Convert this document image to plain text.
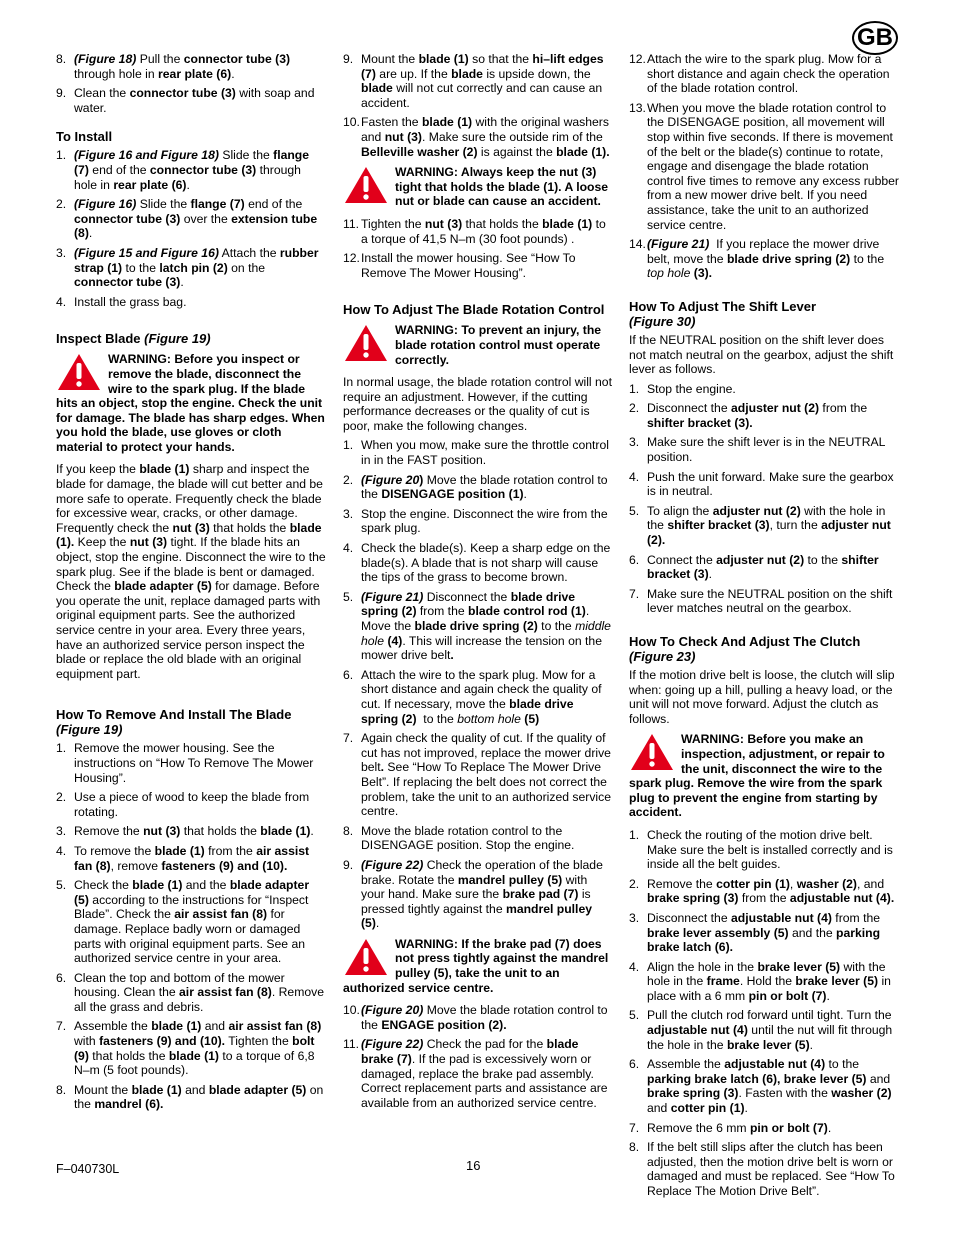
GB
8. (Figure 18) Pull the connector tube (3) through hole in rear plate (6).
9. Clean the connector tube (3) with soap and water.
To Install
1. (Figure 16 and Figure 18) Slide the flange (7) end of the connector tube (3) through hole in rear plate (6).
2. (Figure 16) Slide the flange (7) end of the connector tube (3) over the extension tube (8).
3. (Figure 15 and Figure 16) Attach the rubber strap (1) to the latch pin (2) on the connector tube (3).
4. Install the grass bag.
Inspect Blade (Figure 19)
WARNING: Before you inspect or remove the blade, disconnect the wire to the spark plug. If the blade hits an object, stop the engine. Check the unit for damage. The blade has sharp edges. When you hold the blade, use gloves or cloth material to protect your hands.

If you keep the blade (1) sharp and inspect the blade for damage, the blade will cut better and be more safe to operate. Frequently check the blade for excessive wear, cracks, or other damage. Frequently check the nut (3) that holds the blade (1). Keep the nut (3) tight. If the blade hits an object, stop the engine. Disconnect the wire to the spark plug. See if the blade is bent or damaged. Check the blade adapter (5) for damage. Before you operate the unit, replace damaged parts with original equipment parts. See the authorized service centre in your area. Every three years, have an authorized service person inspect the blade or replace the old blade with an original equipment part.

How To Remove And Install The Blade
(Figure 19)
1. Remove the mower housing. See the instructions on “How To Remove The Mower Housing”.
2. Use a piece of wood to keep the blade from rotating.
3. Remove the nut (3) that holds the blade (1).
4. To remove the blade (1) from the air assist fan (8), remove fasteners (9) and (10).
5. Check the blade (1) and the blade adapter (5) according to the instructions for “Inspect Blade”. Check the air assist fan (8) for damage. Replace badly worn or damaged parts with original equipment parts. See an authorized service centre in your area.
6. Clean the top and bottom of the mower housing. Clean the air assist fan (8). Remove all the grass and debris.
7. Assemble the blade (1) and air assist fan (8) with fasteners (9) and (10). Tighten the bolt (9) that holds the blade (1) to a torque of 6,8 N–m (5 foot pounds).
8. Mount the blade (1) and blade adapter (5) on the mandrel (6).
9. Mount the blade (1) so that the hi–lift edges (7) are up. If the blade is upside down, the blade will not cut correctly and can cause an accident.
10. Fasten the blade (1) with the original washers and nut (3). Make sure the outside rim of the Belleville washer (2) is against the blade (1).
WARNING: Always keep the nut (3) tight that holds the blade (1). A loose nut or blade can cause an accident.
11. Tighten the nut (3) that holds the blade (1) to a torque of 41,5 N–m (30 foot pounds) .
12. Install the mower housing. See “How To Remove The Mower Housing”.
How To Adjust The Blade Rotation Control
WARNING: To prevent an injury, the blade rotation control must operate correctly.

In normal usage, the blade rotation control will not require an adjustment. However, if the cutting performance decreases or the quality of cut is poor, make the following changes.

1. When you mow, make sure the throttle control in in the FAST position.
2. (Figure 20) Move the blade rotation control to the DISENGAGE position (1).
3. Stop the engine. Disconnect the wire from the spark plug.
4. Check the blade(s). Keep a sharp edge on the blade(s). A blade that is not sharp will cause the tips of the grass to become brown.
5. (Figure 21) Disconnect the blade drive spring (2) from the blade control rod (1). Move the blade drive spring (2) to the middle hole (4). This will increase the tension on the mower drive belt.
6. Attach the wire to the spark plug. Mow for a short distance and again check the quality of cut. If necessary, move the blade drive spring (2)  to the bottom hole (5)
7. Again check the quality of cut. If the quality of cut has not improved, replace the mower drive belt. See “How To Replace The Mower Drive Belt”. If replacing the belt does not correct the problem, take the unit to an authorized service centre.
8. Move the blade rotation control to the DISENGAGE position. Stop the engine.
9. (Figure 22) Check the operation of the blade brake. Rotate the mandrel pulley (5) with your hand. Make sure the brake pad (7) is pressed tightly against the mandrel pulley (5).
WARNING: If the brake pad (7) does not press tightly against the mandrel pulley (5), take the unit to an authorized service centre.
10. (Figure 20) Move the blade rotation control to the ENGAGE position (2).
11. (Figure 22) Check the pad for the blade brake (7). If the pad is excessively worn or damaged, replace the brake pad assembly. Correct replacement parts and assistance are available from an authorized service centre.
12. Attach the wire to the spark plug. Mow for a short distance and again check the operation of the blade rotation control.
13. When you move the blade rotation control to the DISENGAGE position, all movement will stop within five seconds. If there is movement of the belt or the blade(s) continue to rotate, engage and disengage the blade rotation control five times to remove any excess rubber from a new mower drive belt. If you need assistance, take the unit to an authorized service centre.
14. (Figure 21)  If you replace the mower drive belt, move the blade drive spring (2) to the top hole (3).
How To Adjust The Shift Lever
(Figure 30)

If the NEUTRAL position on the shift lever does not match neutral on the gearbox, adjust the shift lever as follows.

1. Stop the engine.
2. Disconnect the adjuster nut (2) from the shifter bracket (3).
3. Make sure the shift lever is in the NEUTRAL position.
4. Push the unit forward. Make sure the gearbox is in neutral.
5. To align the adjuster nut (2) with the hole in the shifter bracket (3), turn the adjuster nut (2).
6. Connect the adjuster nut (2) to the shifter bracket (3).
7. Make sure the NEUTRAL position on the shift lever matches neutral on the gearbox.
How To Check And Adjust The Clutch
(Figure 23)

If the motion drive belt is loose, the clutch will slip when: going up a hill, pulling a heavy load, or the unit will not move forward. Adjust the clutch as follows.

WARNING: Before you make an inspection, adjustment, or repair to the unit, disconnect the wire to the spark plug. Remove the wire from the spark plug to prevent the engine from starting by accident.
1. Check the routing of the motion drive belt. Make sure the belt is installed correctly and is inside all the belt guides.
2. Remove the cotter pin (1), washer (2), and brake spring (3) from the adjustable nut (4).
3. Disconnect the adjustable nut (4) from the brake lever assembly (5) and the parking brake latch (6).
4. Align the hole in the brake lever (5) with the hole in the frame. Hold the brake lever (5) in place with a 6 mm pin or bolt (7).
5. Pull the clutch rod forward until tight. Turn the adjustable nut (4) until the nut will fit through the hole in the brake lever (5).
6. Assemble the adjustable nut (4) to the parking brake latch (6), brake lever (5) and brake spring (3). Fasten with the washer (2) and cotter pin (1).
7. Remove the 6 mm pin or bolt (7).
8. If the belt still slips after the clutch has been adjusted, then the motion drive belt is worn or damaged and must be replaced. See “How To Replace The Motion Drive Belt”.
F–040730L	16
